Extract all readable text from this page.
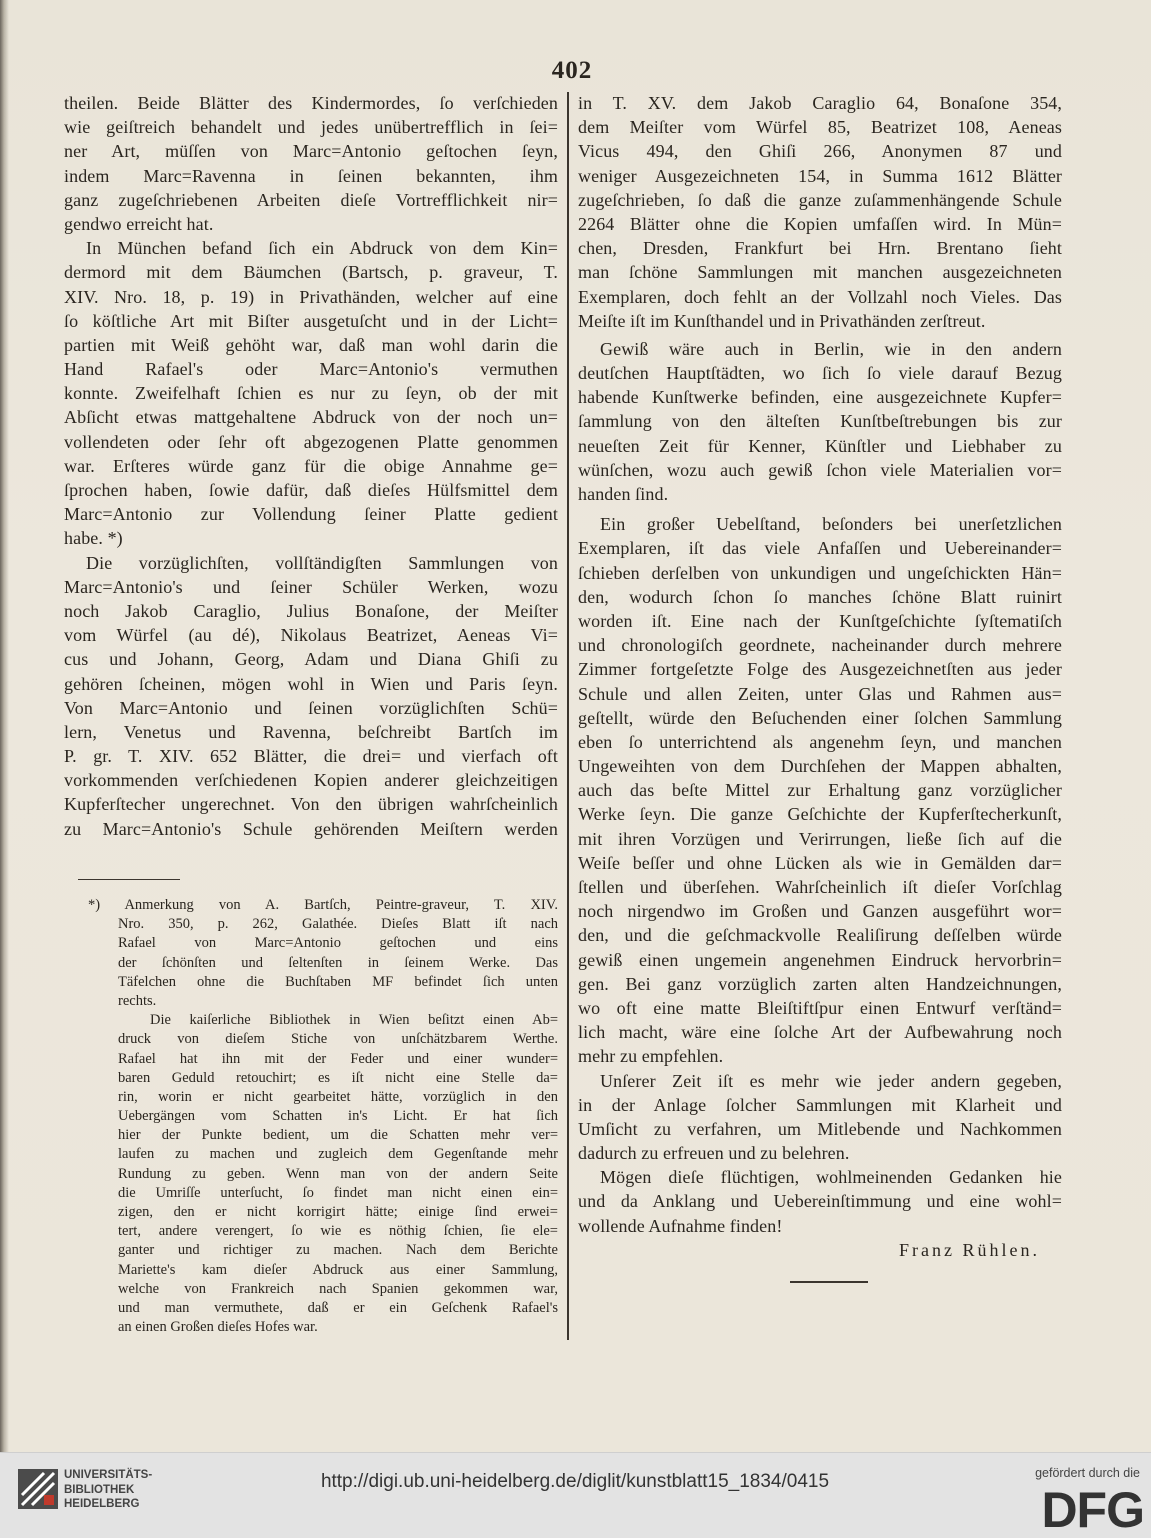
402
theilen. Beide Blätter des Kindermordes, ſo verſchieden
wie geiſtreich behandelt und jedes unübertrefflich in ſei=
ner Art, müſſen von Marc=Antonio geſtochen ſeyn,
indem Marc=Ravenna in ſeinen bekannten, ihm
ganz zugeſchriebenen Arbeiten dieſe Vortrefflichkeit nir=
gendwo erreicht hat.
In München befand ſich ein Abdruck von dem Kin=
dermord mit dem Bäumchen (Bartsch, p. graveur, T.
XIV. Nro. 18, p. 19) in Privathänden, welcher auf eine
ſo köſtliche Art mit Biſter ausgetuſcht und in der Licht=
partien mit Weiß gehöht war, daß man wohl darin die
Hand Rafael's oder Marc=Antonio's vermuthen
konnte. Zweifelhaft ſchien es nur zu ſeyn, ob der mit
Abſicht etwas mattgehaltene Abdruck von der noch un=
vollendeten oder ſehr oft abgezogenen Platte genommen
war. Erſteres würde ganz für die obige Annahme ge=
ſprochen haben, ſowie dafür, daß dieſes Hülfsmittel dem
Marc=Antonio zur Vollendung ſeiner Platte gedient
habe. *)
Die vorzüglichſten, vollſtändigſten Sammlungen von
Marc=Antonio's und ſeiner Schüler Werken, wozu
noch Jakob Caraglio, Julius Bonaſone, der Meiſter
vom Würfel (au dé), Nikolaus Beatrizet, Aeneas Vi=
cus und Johann, Georg, Adam und Diana Ghiſi zu
gehören ſcheinen, mögen wohl in Wien und Paris ſeyn.
Von Marc=Antonio und ſeinen vorzüglichſten Schü=
lern, Venetus und Ravenna, beſchreibt Bartſch im
P. gr. T. XIV. 652 Blätter, die drei= und vierfach oft
vorkommenden verſchiedenen Kopien anderer gleichzeitigen
Kupferſtecher ungerechnet. Von den übrigen wahrſcheinlich
zu Marc=Antonio's Schule gehörenden Meiſtern werden
in T. XV. dem Jakob Caraglio 64, Bonaſone 354,
dem Meiſter vom Würfel 85, Beatrizet 108, Aeneas
Vicus 494, den Ghiſi 266, Anonymen 87 und
weniger Ausgezeichneten 154, in Summa 1612 Blätter
zugeſchrieben, ſo daß die ganze zuſammenhängende Schule
2264 Blätter ohne die Kopien umfaſſen wird. In Mün=
chen, Dresden, Frankfurt bei Hrn. Brentano ſieht
man ſchöne Sammlungen mit manchen ausgezeichneten
Exemplaren, doch fehlt an der Vollzahl noch Vieles. Das
Meiſte iſt im Kunſthandel und in Privathänden zerſtreut.
Gewiß wäre auch in Berlin, wie in den andern
deutſchen Hauptſtädten, wo ſich ſo viele darauf Bezug
habende Kunſtwerke befinden, eine ausgezeichnete Kupfer=
ſammlung von den älteſten Kunſtbeſtrebungen bis zur
neueſten Zeit für Kenner, Künſtler und Liebhaber zu
wünſchen, wozu auch gewiß ſchon viele Materialien vor=
handen ſind.
Ein großer Uebelſtand, beſonders bei unerſetzlichen
Exemplaren, iſt das viele Anfaſſen und Uebereinander=
ſchieben derſelben von unkundigen und ungeſchickten Hän=
den, wodurch ſchon ſo manches ſchöne Blatt ruinirt
worden iſt. Eine nach der Kunſtgeſchichte ſyſtematiſch
und chronologiſch geordnete, nacheinander durch mehrere
Zimmer fortgeſetzte Folge des Ausgezeichnetſten aus jeder
Schule und allen Zeiten, unter Glas und Rahmen aus=
geſtellt, würde den Beſuchenden einer ſolchen Sammlung
eben ſo unterrichtend als angenehm ſeyn, und manchen
Ungeweihten von dem Durchſehen der Mappen abhalten,
auch das beſte Mittel zur Erhaltung ganz vorzüglicher
Werke ſeyn. Die ganze Geſchichte der Kupferſtecherkunſt,
mit ihren Vorzügen und Verirrungen, ließe ſich auf die
Weiſe beſſer und ohne Lücken als wie in Gemälden dar=
ſtellen und überſehen. Wahrſcheinlich iſt dieſer Vorſchlag
noch nirgendwo im Großen und Ganzen ausgeführt wor=
den, und die geſchmackvolle Realiſirung deſſelben würde
gewiß einen ungemein angenehmen Eindruck hervorbrin=
gen. Bei ganz vorzüglich zarten alten Handzeichnungen,
wo oft eine matte Bleiſtiftſpur einen Entwurf verſtänd=
lich macht, wäre eine ſolche Art der Aufbewahrung noch
mehr zu empfehlen.
Unſerer Zeit iſt es mehr wie jeder andern gegeben,
in der Anlage ſolcher Sammlungen mit Klarheit und
Umſicht zu verfahren, um Mitlebende und Nachkommen
dadurch zu erfreuen und zu belehren.
Mögen dieſe flüchtigen, wohlmeinenden Gedanken hie
und da Anklang und Uebereinſtimmung und eine wohl=
wollende Aufnahme finden!
Franz Rühlen.
*) Anmerkung von A. Bartſch, Peintre-graveur, T. XIV.
Nro. 350, p. 262, Galathée. Dieſes Blatt iſt nach
Rafael von Marc=Antonio geſtochen und eins
der ſchönſten und ſeltenſten in ſeinem Werke. Das
Täfelchen ohne die Buchſtaben MF befindet ſich unten
rechts.
Die kaiſerliche Bibliothek in Wien beſitzt einen Ab=
druck von dieſem Stiche von unſchätzbarem Werthe.
Rafael hat ihn mit der Feder und einer wunder=
baren Geduld retouchirt; es iſt nicht eine Stelle da=
rin, worin er nicht gearbeitet hätte, vorzüglich in den
Uebergängen vom Schatten in's Licht. Er hat ſich
hier der Punkte bedient, um die Schatten mehr ver=
laufen zu machen und zugleich dem Gegenſtande mehr
Rundung zu geben. Wenn man von der andern Seite
die Umriſſe unterſucht, ſo findet man nicht einen ein=
zigen, den er nicht korrigirt hätte; einige ſind erwei=
tert, andere verengert, ſo wie es nöthig ſchien, ſie ele=
ganter und richtiger zu machen. Nach dem Berichte
Mariette's kam dieſer Abdruck aus einer Sammlung,
welche von Frankreich nach Spanien gekommen war,
und man vermuthete, daß er ein Geſchenk Rafael's
an einen Großen dieſes Hofes war.
UNIVERSITÄTS-
BIBLIOTHEK
HEIDELBERG
http://digi.ub.uni-heidelberg.de/diglit/kunstblatt15_1834/0415	gefördert durch die
DFG
